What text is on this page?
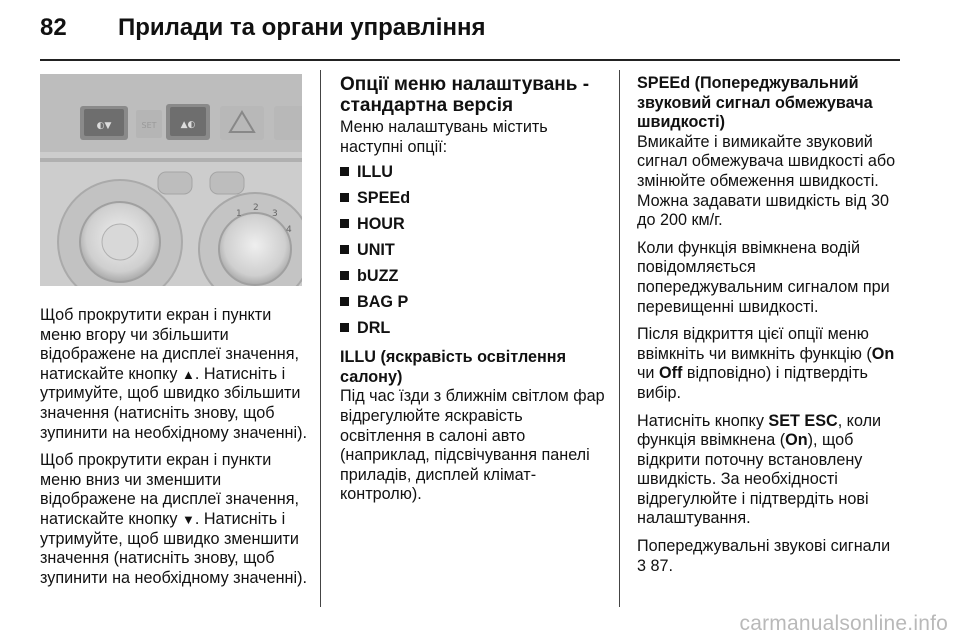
82 Прилади та органи управління
◐▼	SET	▲◐
1
2
3
4

Щоб прокрутити екран і пункти меню вгору чи збільшити відображене на дисплеї значення, натискайте кнопку ▲. Натисніть і утримуйте, щоб швидко збільшити значення (натисніть знову, щоб зупинити на необхідному значенні).

Щоб прокрутити екран і пункти меню вниз чи зменшити відображене на дисплеї значення, натискайте кнопку ▼. Натисніть і утримуйте, щоб швидко зменшити значення (натисніть знову, щоб зупинити на необхідному значенні).

Опції меню налаштувань - стандартна версія

Меню налаштувань містить наступні опції:

ILLU
SPEEd
HOUR
UNIT
bUZZ
BAG P
DRL
ILLU (яскравість освітлення салону)

Під час їзди з ближнім світлом фар відрегулюйте яскравість освітлення в салоні авто (наприклад, підсвічування панелі приладів, дисплей клімат-контролю).

SPEEd (Попереджувальний звуковий сигнал обмежувача швидкості)

Вмикайте і вимикайте звуковий сигнал обмежувача швидкості або змінюйте обмеження швидкості. Можна задавати швидкість від 30 до 200 км/г.

Коли функція ввімкнена водій повідомляється попереджувальним сигналом при перевищенні швидкості.

Після відкриття цієї опції меню ввімкніть чи вимкніть функцію (On чи Off відповідно) і підтвердіть вибір.

Натисніть кнопку SET ESC, коли функція ввімкнена (On), щоб відкрити поточну встановлену швидкість. За необхідності відрегулюйте і підтвердіть нові налаштування.

Попереджувальні звукові сигнали
3 87.

carmanualsonline.info
